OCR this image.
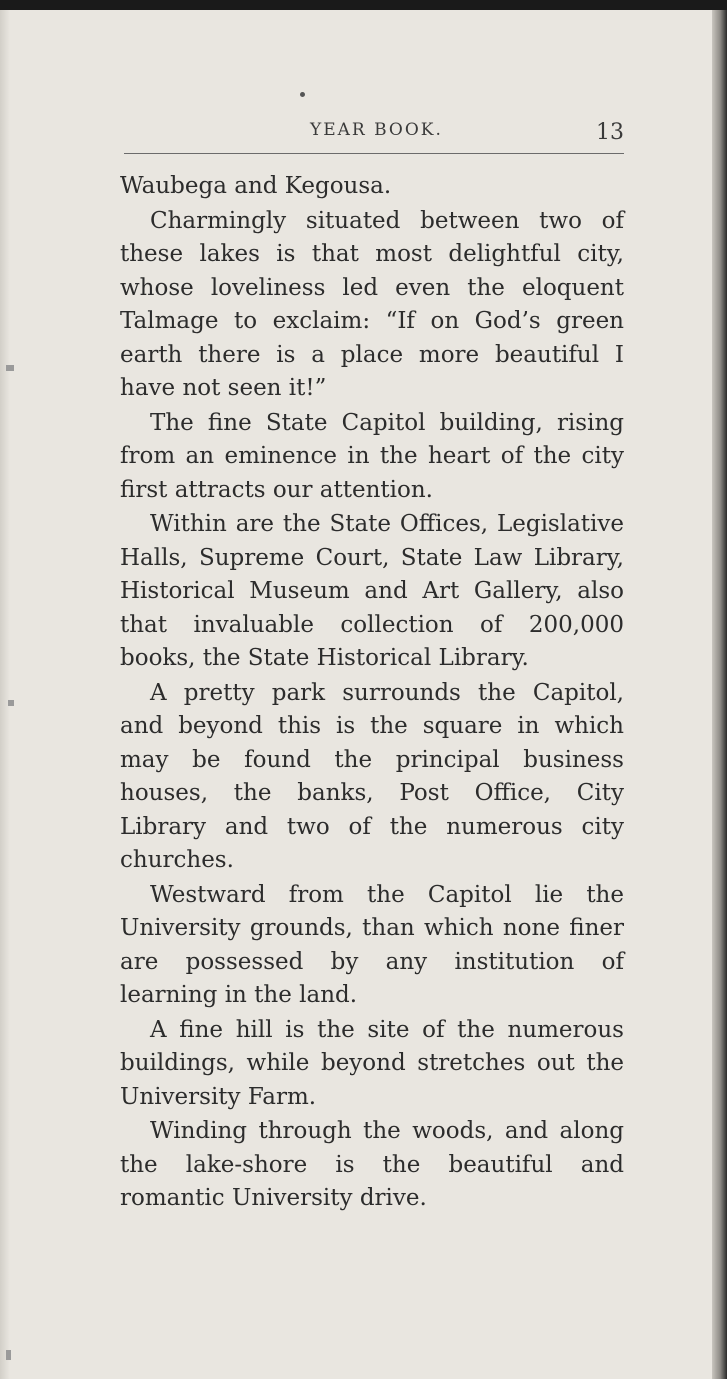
YEAR BOOK.	13

Waubega and Kegousa.

Charmingly situated between two of these lakes is that most delightful city, whose loveliness led even the eloquent Talmage to exclaim: “If on God’s green earth there is a place more beautiful I have not seen it!”

The fine State Capitol building, rising from an eminence in the heart of the city first attracts our attention.

Within are the State Offices, Legislative Halls, Supreme Court, State Law Library, Historical Museum and Art Gallery, also that invaluable collection of 200,000 books, the State Historical Library.

A pretty park surrounds the Capitol, and beyond this is the square in which may be found the principal business houses, the banks, Post Office, City Library and two of the numerous city churches.

Westward from the Capitol lie the University grounds, than which none finer are possessed by any institution of learning in the land.

A fine hill is the site of the numerous buildings, while beyond stretches out the University Farm.

Winding through the woods, and along the lake-shore is the beautiful and romantic University drive.
